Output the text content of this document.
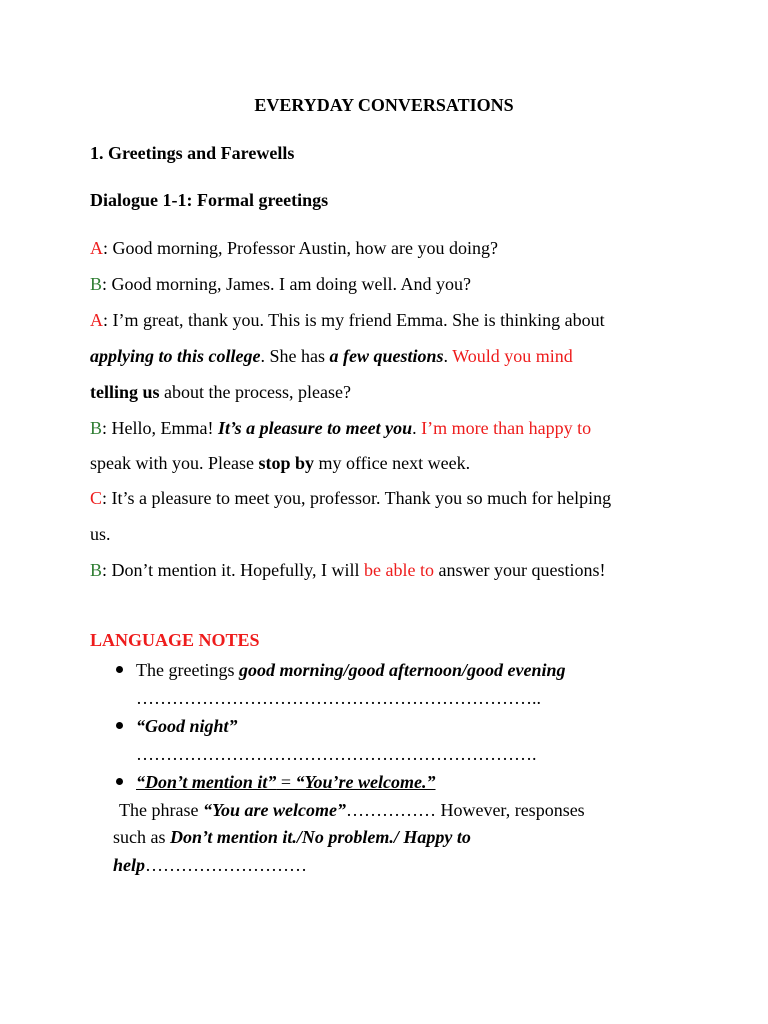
EVERYDAY CONVERSATIONS
1. Greetings and Farewells
Dialogue 1-1: Formal greetings
A: Good morning, Professor Austin, how are you doing?
B: Good morning, James. I am doing well. And you?
A: I’m great, thank you. This is my friend Emma. She is thinking about
applying to this college. She has a few questions. Would you mind
telling us about the process, please?
B: Hello, Emma! It’s a pleasure to meet you. I’m more than happy to
speak with you. Please stop by my office next week.
C: It’s a pleasure to meet you, professor. Thank you so much for helping
us.
B: Don’t mention it. Hopefully, I will be able to answer your questions!
LANGUAGE NOTES
The greetings good morning/good afternoon/good evening
…………………………………………………………..
“Good night”
………………………………………………………….
“Don’t mention it” = “You’re welcome.”
The phrase “You are welcome”…………… However, responses
such as Don’t mention it./No problem./ Happy to
help………………………
